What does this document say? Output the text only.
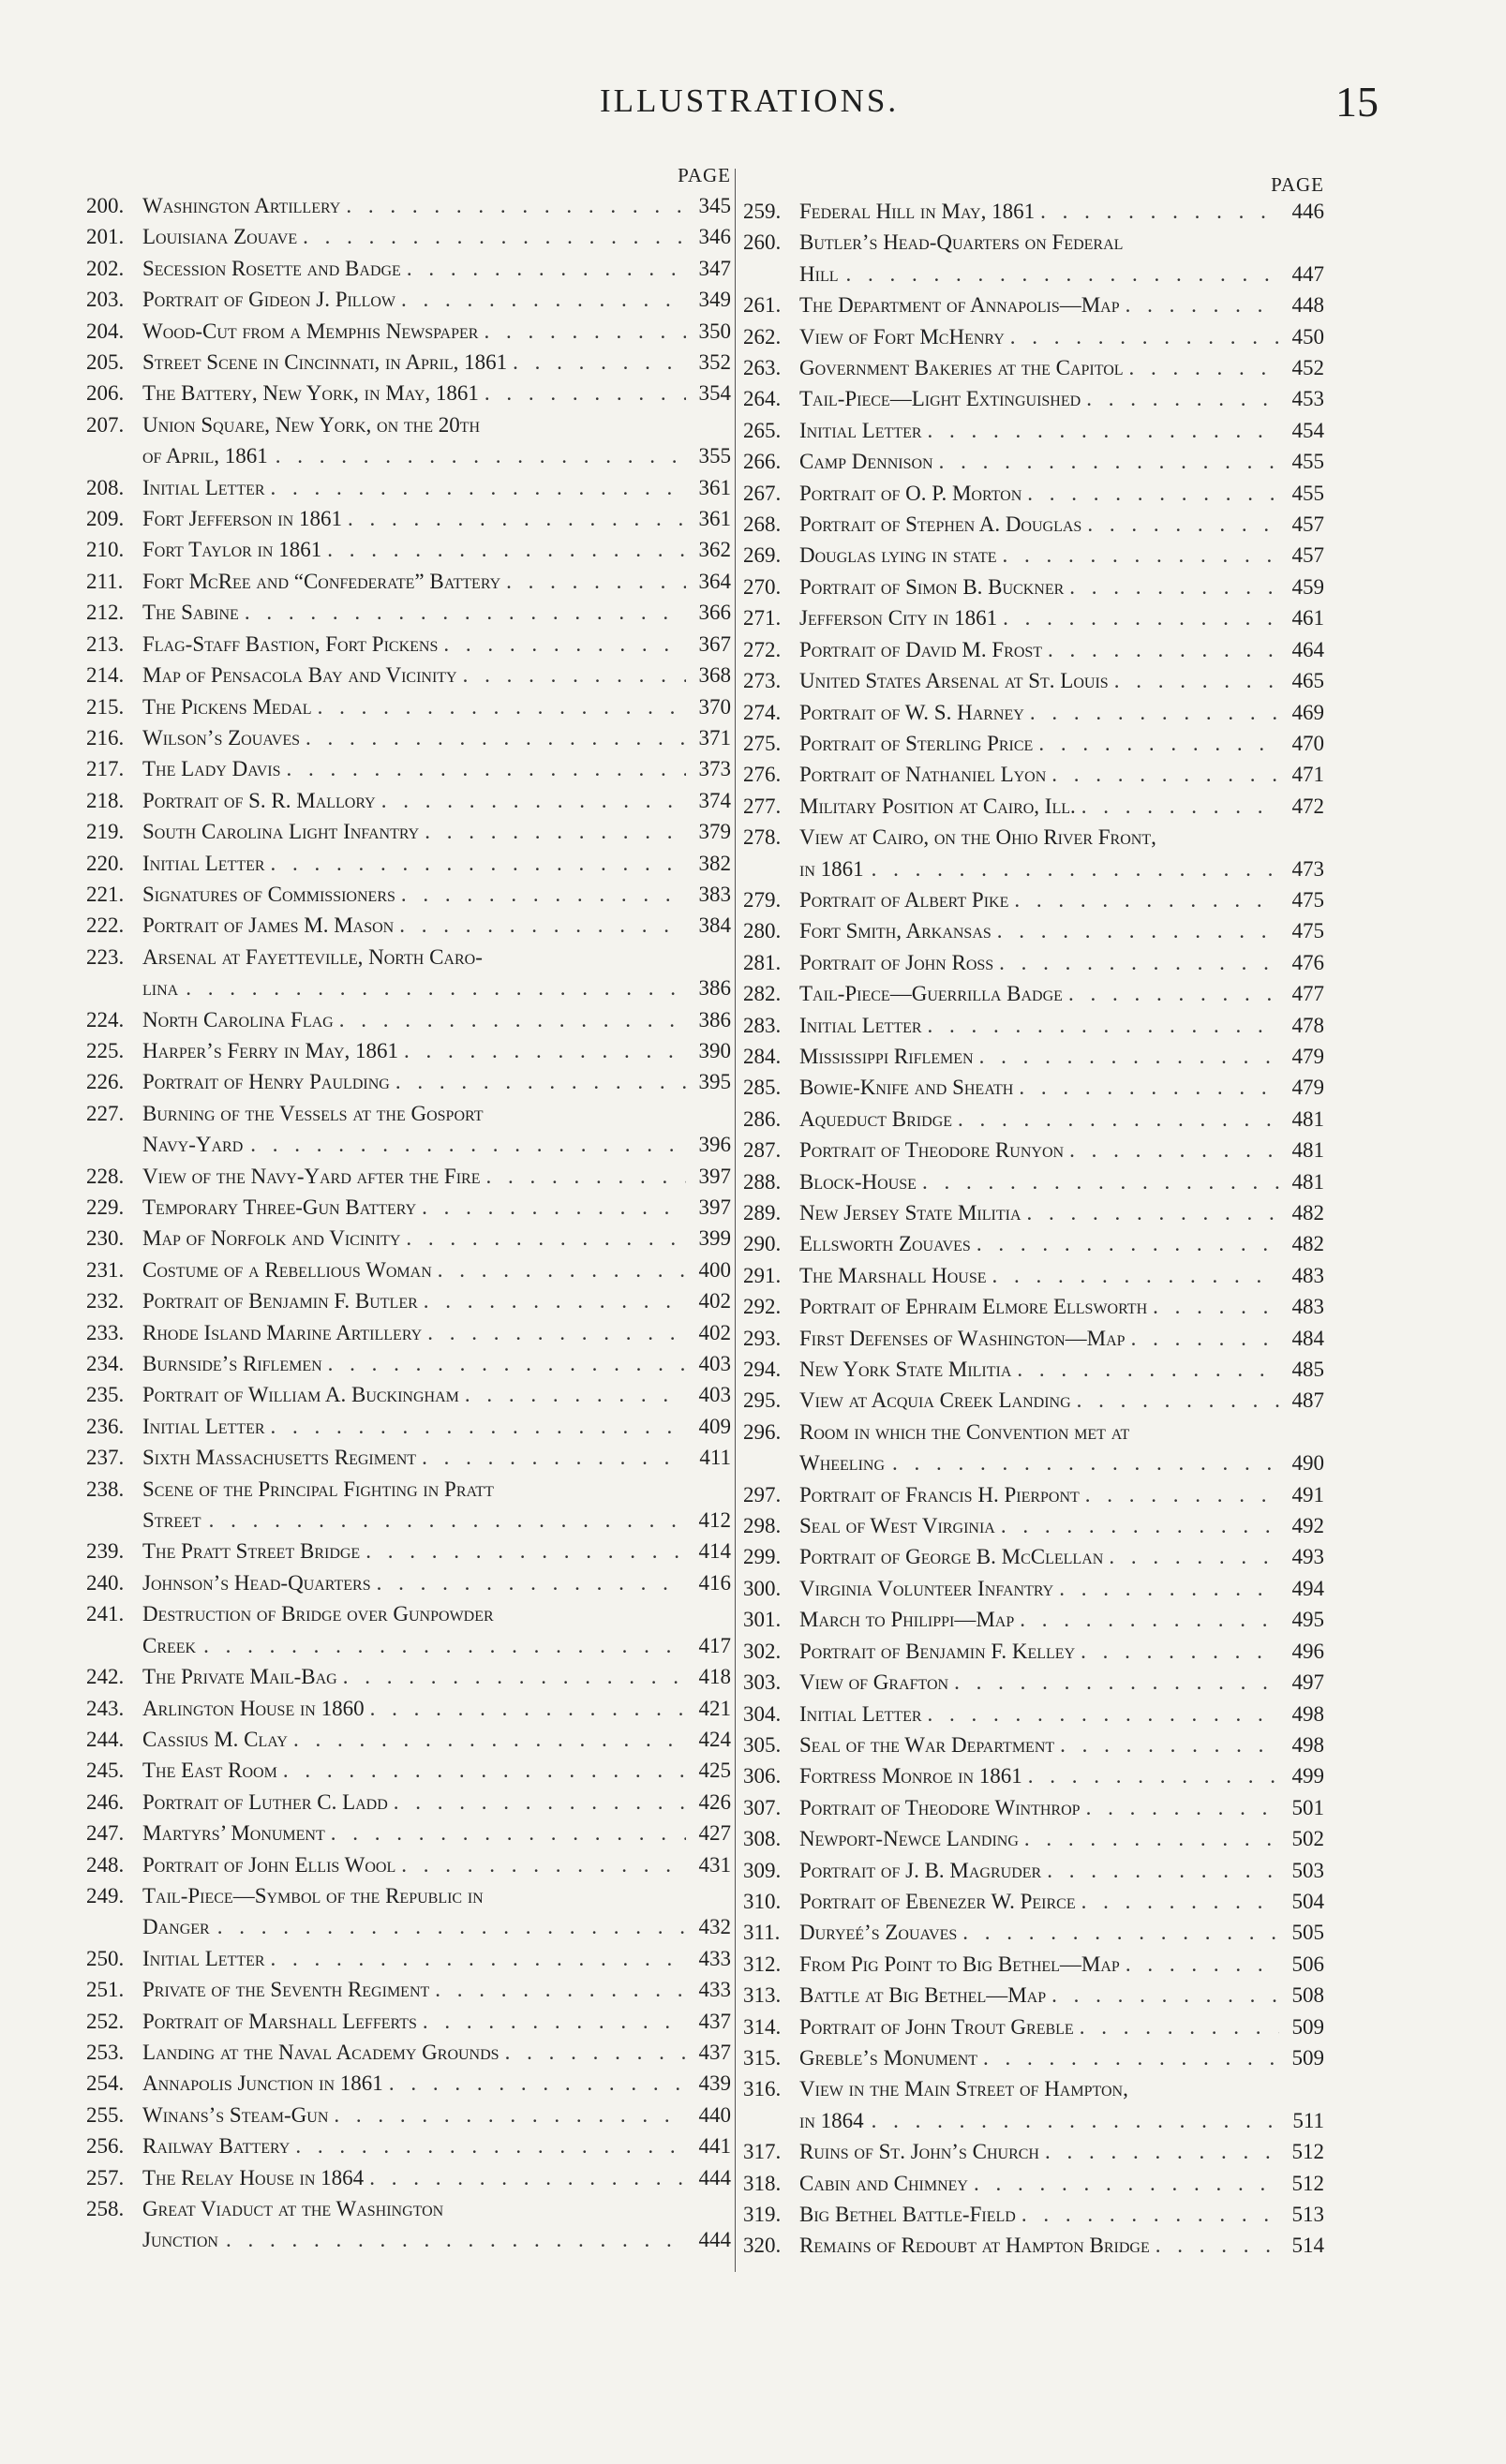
ILLUSTRATIONS.	15
PAGE
200. Washington Artillery . . .	345
201. Louisiana Zouave . . .	346
202. Secession Rosette and Badge . . .	347
203. Portrait of Gideon J. Pillow . . .	349
204. Wood-Cut from a Memphis Newspaper . . .	350
205. Street Scene in Cincinnati, in April, 1861 . . .	352
206. The Battery, New York, in May, 1861 . . .	354
207. Union Square, New York, on the 20th
of April, 1861 . . .	355
208. Initial Letter . . .	361
209. Fort Jefferson in 1861 . . .	361
210. Fort Taylor in 1861 . . .	362
211. Fort McRee and “Confederate” Battery . . .	364
212. The Sabine . . .	366
213. Flag-Staff Bastion, Fort Pickens . . .	367
214. Map of Pensacola Bay and Vicinity . . .	368
215. The Pickens Medal . . .	370
216. Wilson’s Zouaves . . .	371
217. The Lady Davis . . .	373
218. Portrait of S. R. Mallory . . .	374
219. South Carolina Light Infantry . . .	379
220. Initial Letter . . .	382
221. Signatures of Commissioners . . .	383
222. Portrait of James M. Mason . . .	384
223. Arsenal at Fayetteville, North Caro-
lina . . .	386
224. North Carolina Flag . . .	386
225. Harper’s Ferry in May, 1861 . . .	390
226. Portrait of Henry Paulding . . .	395
227. Burning of the Vessels at the Gosport
Navy-Yard . . .	396
228. View of the Navy-Yard after the Fire . . .	397
229. Temporary Three-Gun Battery . . .	397
230. Map of Norfolk and Vicinity . . .	399
231. Costume of a Rebellious Woman . . .	400
232. Portrait of Benjamin F. Butler . . .	402
233. Rhode Island Marine Artillery . . .	402
234. Burnside’s Riflemen . . .	403
235. Portrait of William A. Buckingham . . .	403
236. Initial Letter . . .	409
237. Sixth Massachusetts Regiment . . .	411
238. Scene of the Principal Fighting in Pratt
Street . . .	412
239. The Pratt Street Bridge . . .	414
240. Johnson’s Head-Quarters . . .	416
241. Destruction of Bridge over Gunpowder
Creek . . .	417
242. The Private Mail-Bag . . .	418
243. Arlington House in 1860 . . .	421
244. Cassius M. Clay . . .	424
245. The East Room . . .	425
246. Portrait of Luther C. Ladd . . .	426
247. Martyrs’ Monument . . .	427
248. Portrait of John Ellis Wool . . .	431
249. Tail-Piece—Symbol of the Republic in
Danger . . .	432
250. Initial Letter . . .	433
251. Private of the Seventh Regiment . . .	433
252. Portrait of Marshall Lefferts . . .	437
253. Landing at the Naval Academy Grounds . . .	437
254. Annapolis Junction in 1861 . . .	439
255. Winans’s Steam-Gun . . .	440
256. Railway Battery . . .	441
257. The Relay House in 1864 . . .	444
258. Great Viaduct at the Washington
Junction . . .	444
PAGE
259. Federal Hill in May, 1861 . . .	446
260. Butler’s Head-Quarters on Federal
Hill . . .	447
261. The Department of Annapolis—Map . . .	448
262. View of Fort McHenry . . .	450
263. Government Bakeries at the Capitol . . .	452
264. Tail-Piece—Light Extinguished . . .	453
265. Initial Letter . . .	454
266. Camp Dennison . . .	455
267. Portrait of O. P. Morton . . .	455
268. Portrait of Stephen A. Douglas . . .	457
269. Douglas lying in state . . .	457
270. Portrait of Simon B. Buckner . . .	459
271. Jefferson City in 1861 . . .	461
272. Portrait of David M. Frost . . .	464
273. United States Arsenal at St. Louis . . .	465
274. Portrait of W. S. Harney . . .	469
275. Portrait of Sterling Price . . .	470
276. Portrait of Nathaniel Lyon . . .	471
277. Military Position at Cairo, Ill. . . .	472
278. View at Cairo, on the Ohio River Front,
in 1861 . . .	473
279. Portrait of Albert Pike . . .	475
280. Fort Smith, Arkansas . . .	475
281. Portrait of John Ross . . .	476
282. Tail-Piece—Guerrilla Badge . . .	477
283. Initial Letter . . .	478
284. Mississippi Riflemen . . .	479
285. Bowie-Knife and Sheath . . .	479
286. Aqueduct Bridge . . .	481
287. Portrait of Theodore Runyon . . .	481
288. Block-House . . .	481
289. New Jersey State Militia . . .	482
290. Ellsworth Zouaves . . .	482
291. The Marshall House . . .	483
292. Portrait of Ephraim Elmore Ellsworth . . .	483
293. First Defenses of Washington—Map . . .	484
294. New York State Militia . . .	485
295. View at Acquia Creek Landing . . .	487
296. Room in which the Convention met at
Wheeling . . .	490
297. Portrait of Francis H. Pierpont . . .	491
298. Seal of West Virginia . . .	492
299. Portrait of George B. McClellan . . .	493
300. Virginia Volunteer Infantry . . .	494
301. March to Philippi—Map . . .	495
302. Portrait of Benjamin F. Kelley . . .	496
303. View of Grafton . . .	497
304. Initial Letter . . .	498
305. Seal of the War Department . . .	498
306. Fortress Monroe in 1861 . . .	499
307. Portrait of Theodore Winthrop . . .	501
308. Newport-Newce Landing . . .	502
309. Portrait of J. B. Magruder . . .	503
310. Portrait of Ebenezer W. Peirce . . .	504
311. Duryeé’s Zouaves . . .	505
312. From Pig Point to Big Bethel—Map . . .	506
313. Battle at Big Bethel—Map . . .	508
314. Portrait of John Trout Greble . . .	509
315. Greble’s Monument . . .	509
316. View in the Main Street of Hampton,
in 1864 . . .	511
317. Ruins of St. John’s Church . . .	512
318. Cabin and Chimney . . .	512
319. Big Bethel Battle-Field . . .	513
320. Remains of Redoubt at Hampton Bridge . . .	514
